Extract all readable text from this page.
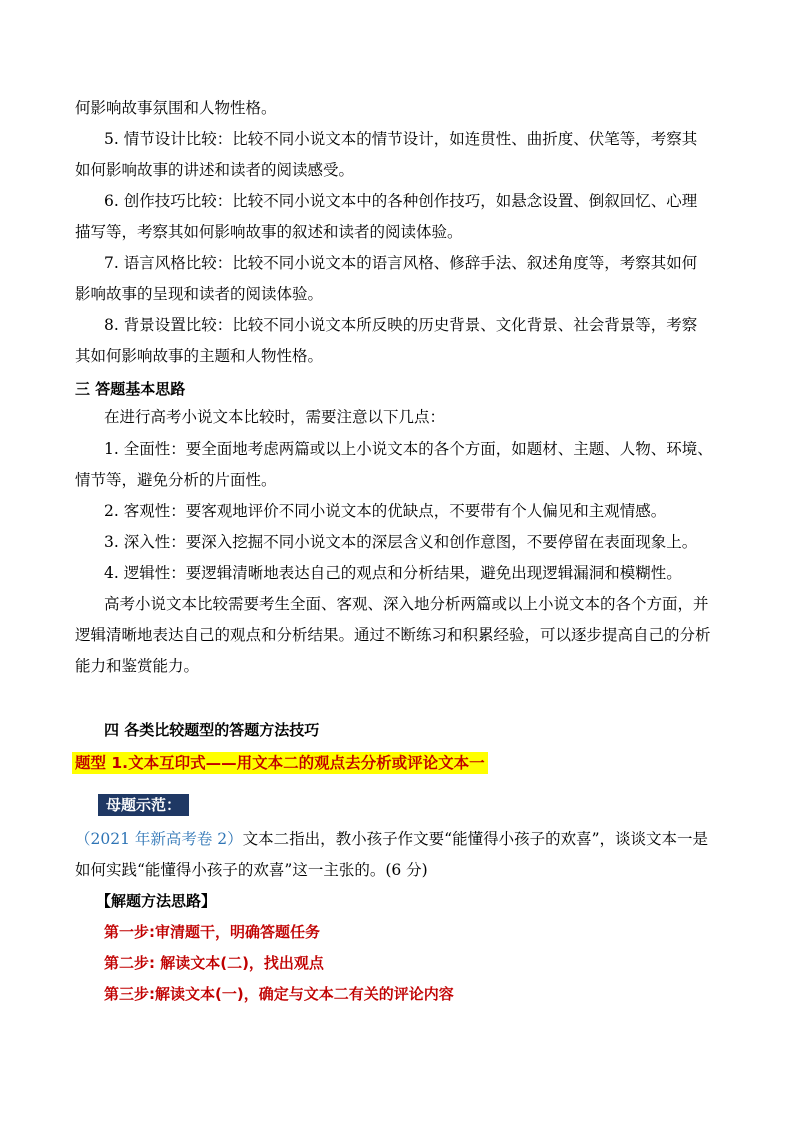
何影响故事氛围和人物性格。
5. 情节设计比较：比较不同小说文本的情节设计，如连贯性、曲折度、伏笔等，考察其
如何影响故事的讲述和读者的阅读感受。
6. 创作技巧比较：比较不同小说文本中的各种创作技巧，如悬念设置、倒叙回忆、心理
描写等，考察其如何影响故事的叙述和读者的阅读体验。
7. 语言风格比较：比较不同小说文本的语言风格、修辞手法、叙述角度等，考察其如何
影响故事的呈现和读者的阅读体验。
8. 背景设置比较：比较不同小说文本所反映的历史背景、文化背景、社会背景等，考察
其如何影响故事的主题和人物性格。
三 答题基本思路
在进行高考小说文本比较时，需要注意以下几点：
1. 全面性：要全面地考虑两篇或以上小说文本的各个方面，如题材、主题、人物、环境、
情节等，避免分析的片面性。
2. 客观性：要客观地评价不同小说文本的优缺点，不要带有个人偏见和主观情感。
3. 深入性：要深入挖掘不同小说文本的深层含义和创作意图，不要停留在表面现象上。
4. 逻辑性：要逻辑清晰地表达自己的观点和分析结果，避免出现逻辑漏洞和模糊性。
高考小说文本比较需要考生全面、客观、深入地分析两篇或以上小说文本的各个方面，并
逻辑清晰地表达自己的观点和分析结果。通过不断练习和积累经验，可以逐步提高自己的分析
能力和鉴赏能力。
四 各类比较题型的答题方法技巧
题型 1.文本互印式——用文本二的观点去分析或评论文本一
母题示范：
（2021 年新高考卷 2）文本二指出，教小孩子作文要“能懂得小孩子的欢喜”，谈谈文本一是
如何实践“能懂得小孩子的欢喜”这一主张的。(6 分)
【解题方法思路】
第一步:审清题干，明确答题任务
第二步: 解读文本(二)，找出观点
第三步:解读文本(一)，确定与文本二有关的评论内容
